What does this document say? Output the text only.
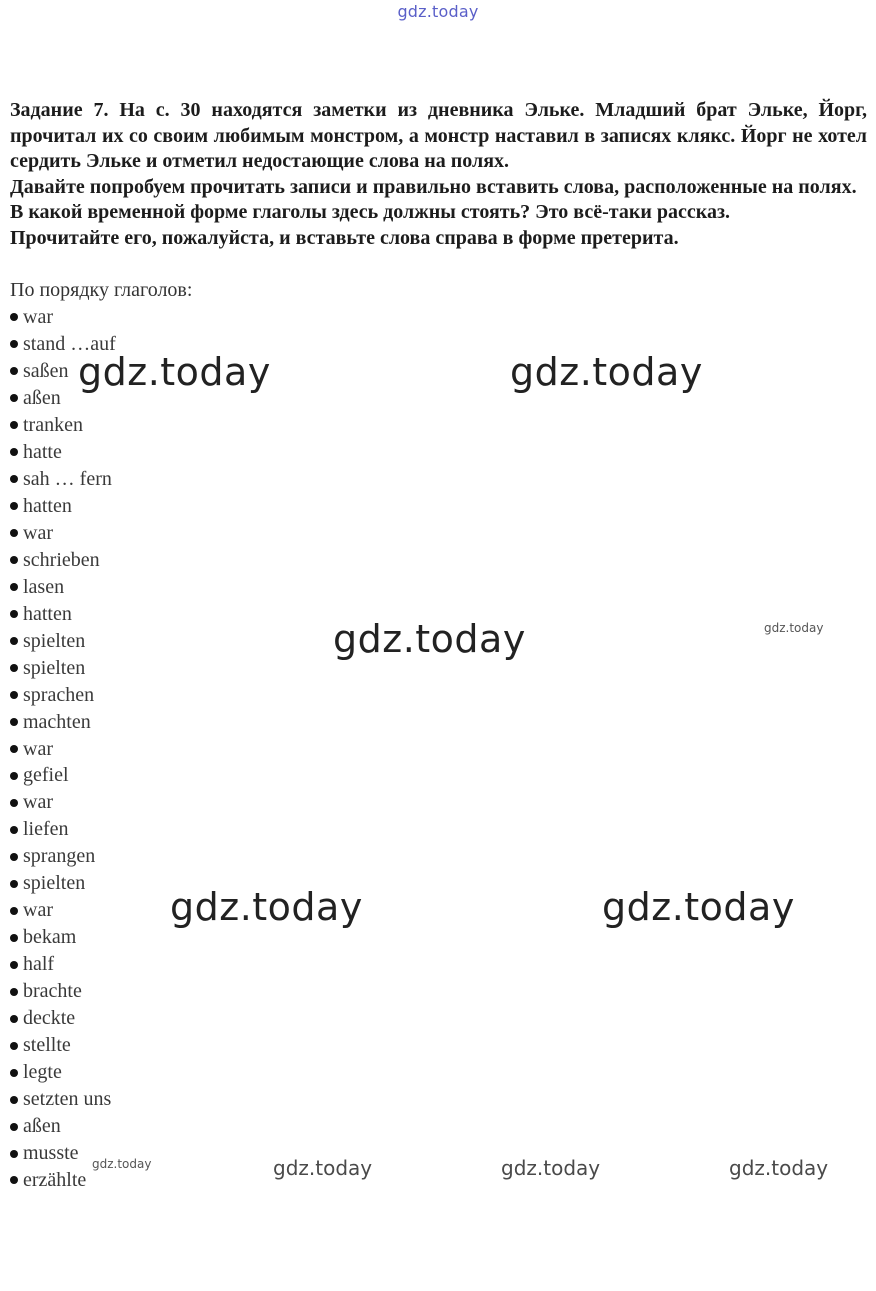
gdz.today

Задание 7. На с. 30 находятся заметки из дневника Эльке. Младший брат Эльке, Йорг, прочитал их со своим любимым монстром, а монстр наставил в записях клякс. Йорг не хотел сердить Эльке и отметил недостающие слова на полях.

Давайте попробуем прочитать записи и правильно вставить слова, расположенные на полях.

В какой временной форме глаголы здесь должны стоять? Это всё-таки рассказ.

Прочитайте его, пожалуйста, и вставьте слова справа в форме претерита.

По порядку глаголов:
war
stand …auf
saßen
aßen
tranken
hatte
sah … fern
hatten
war
schrieben
lasen
hatten
spielten
spielten
sprachen
machten
war
gefiel
war
liefen
sprangen
spielten
war
bekam
half
brachte
deckte
stellte
legte
setzten uns
aßen
musste
erzählte
gdz.today	gdz.today
gdz.today	gdz.today
gdz.today	gdz.today
gdz.today	gdz.today	gdz.today	gdz.today
